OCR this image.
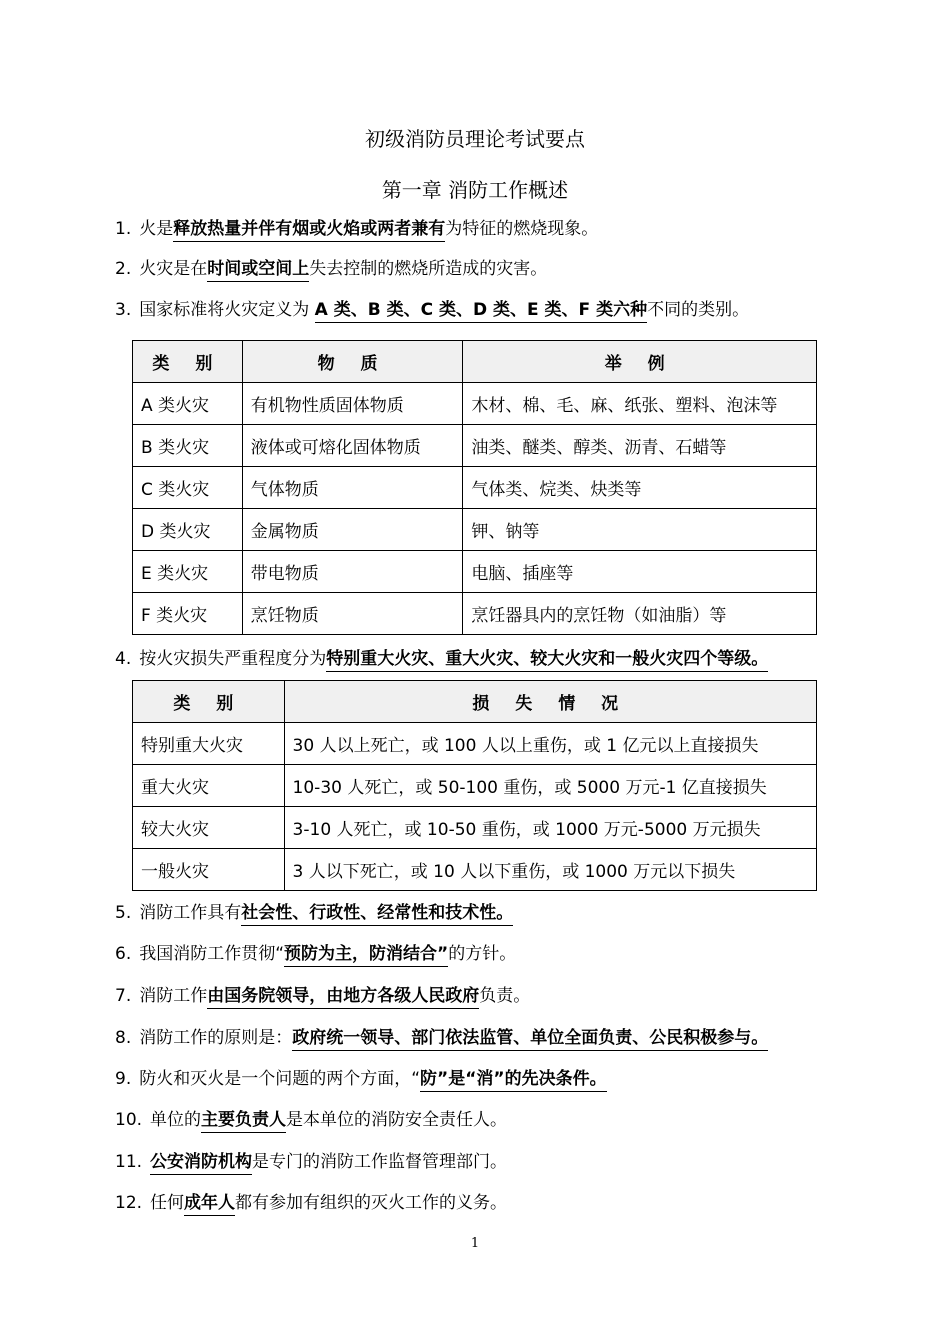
初级消防员理论考试要点
第一章 消防工作概述
1. 火是释放热量并伴有烟或火焰或两者兼有为特征的燃烧现象。
2. 火灾是在时间或空间上失去控制的燃烧所造成的灾害。
3. 国家标准将火灾定义为 A 类、B 类、C 类、D 类、E 类、F 类六种不同的类别。
类 别	物 质	举 例
A 类火灾	有机物性质固体物质	木材、棉、毛、麻、纸张、塑料、泡沫等
B 类火灾	液体或可熔化固体物质	油类、醚类、醇类、沥青、石蜡等
C 类火灾	气体物质	气体类、烷类、炔类等
D 类火灾	金属物质	钾、钠等
E 类火灾	带电物质	电脑、插座等
F 类火灾	烹饪物质	烹饪器具内的烹饪物（如油脂）等
4. 按火灾损失严重程度分为特别重大火灾、重大火灾、较大火灾和一般火灾四个等级。
类 别	损 失 情 况
特别重大火灾	30 人以上死亡，或 100 人以上重伤，或 1 亿元以上直接损失
重大火灾	10-30 人死亡，或 50-100 重伤，或 5000 万元-1 亿直接损失
较大火灾	3-10 人死亡，或 10-50 重伤，或 1000 万元-5000 万元损失
一般火灾	3 人以下死亡，或 10 人以下重伤，或 1000 万元以下损失
5. 消防工作具有社会性、行政性、经常性和技术性。
6. 我国消防工作贯彻“预防为主，防消结合”的方针。
7. 消防工作由国务院领导，由地方各级人民政府负责。
8. 消防工作的原则是：政府统一领导、部门依法监管、单位全面负责、公民积极参与。
9. 防火和灭火是一个问题的两个方面，“防”是“消”的先决条件。
10. 单位的主要负责人是本单位的消防安全责任人。
11. 公安消防机构是专门的消防工作监督管理部门。
12. 任何成年人都有参加有组织的灭火工作的义务。
1
